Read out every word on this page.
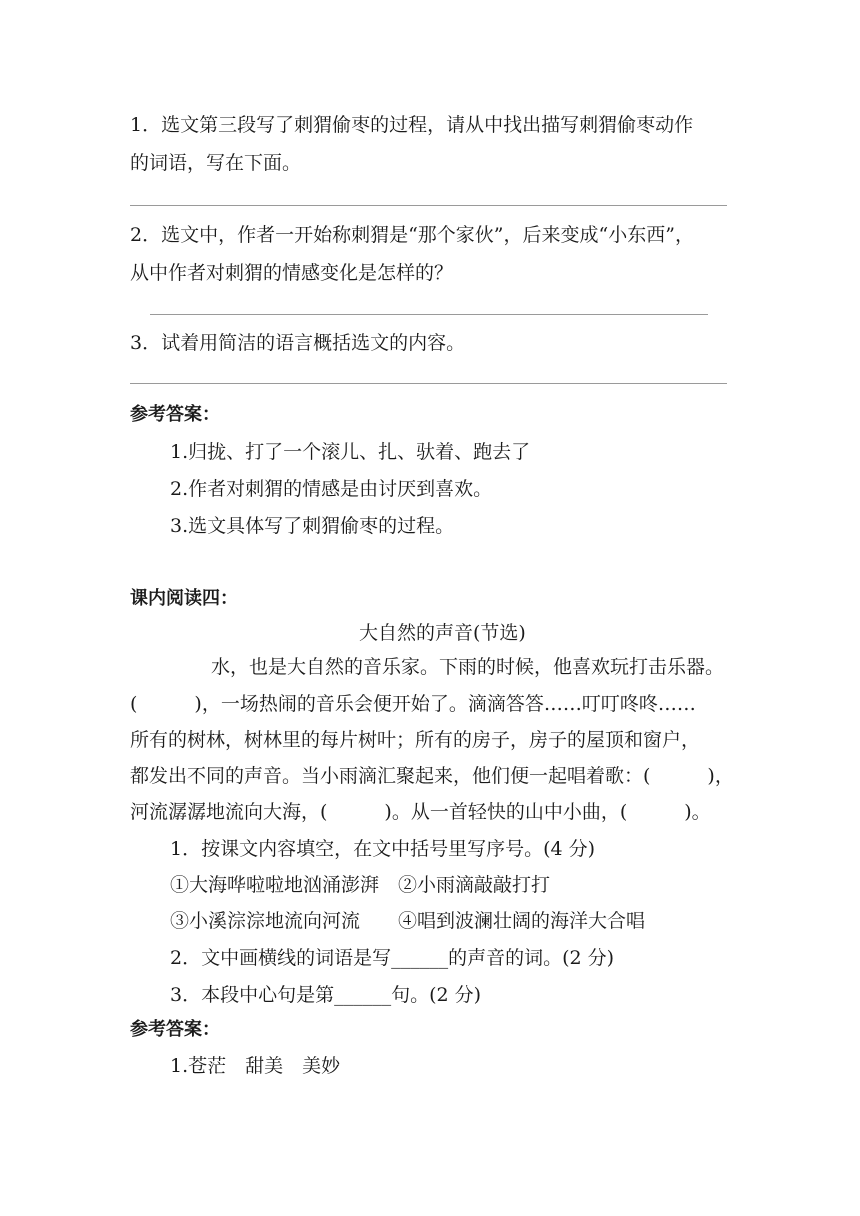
1．选文第三段写了刺猬偷枣的过程，请从中找出描写刺猬偷枣动作
的词语，写在下面。
2．选文中，作者一开始称刺猬是“那个家伙”，后来变成“小东西”，
从中作者对刺猬的情感变化是怎样的？
3．试着用简洁的语言概括选文的内容。
参考答案：
1.归拢、打了一个滚儿、扎、驮着、跑去了
2.作者对刺猬的情感是由讨厌到喜欢。
3.选文具体写了刺猬偷枣的过程。
课内阅读四：
大自然的声音(节选)
水，也是大自然的音乐家。下雨的时候，他喜欢玩打击乐器。
(　　　)，一场热闹的音乐会便开始了。滴滴答答……叮叮咚咚……
所有的树林，树林里的每片树叶；所有的房子，房子的屋顶和窗户，
都发出不同的声音。当小雨滴汇聚起来，他们便一起唱着歌：(　　　)，
河流潺潺地流向大海，(　　　)。从一首轻快的山中小曲，(　　　)。
1．按课文内容填空，在文中括号里写序号。(4 分)
①大海哗啦啦地汹涌澎湃　②小雨滴敲敲打打
③小溪淙淙地流向河流　　④唱到波澜壮阔的海洋大合唱
2．文中画横线的词语是写______的声音的词。(2 分)
3．本段中心句是第______句。(2 分)
参考答案：
1.苍茫　甜美　美妙
